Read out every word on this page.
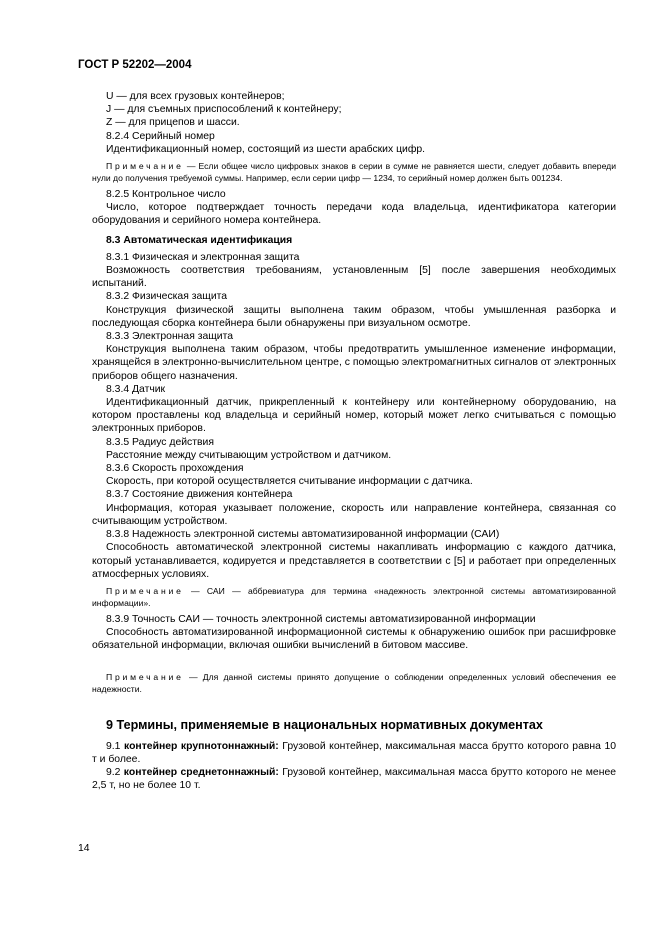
ГОСТ Р 52202—2004

U — для всех грузовых контейнеров;

J — для съемных приспособлений к контейнеру;

Z — для прицепов и шасси.

8.2.4 Серийный номер

Идентификационный номер, состоящий из шести арабских цифр.

Примечание — Если общее число цифровых знаков в серии в сумме не равняется шести, следует добавить впереди нули до получения требуемой суммы. Например, если серии цифр — 1234, то серийный номер должен быть 001234.

8.2.5 Контрольное число

Число, которое подтверждает точность передачи кода владельца, идентификатора категории оборудования и серийного номера контейнера.

8.3 Автоматическая идентификация

8.3.1 Физическая и электронная защита

Возможность соответствия требованиям, установленным [5] после завершения необходимых испытаний.

8.3.2 Физическая защита

Конструкция физической защиты выполнена таким образом, чтобы умышленная разборка и последующая сборка контейнера были обнаружены при визуальном осмотре.

8.3.3 Электронная защита

Конструкция выполнена таким образом, чтобы предотвратить умышленное изменение информации, хранящейся в электронно-вычислительном центре, с помощью электромагнитных сигналов от электронных приборов общего назначения.

8.3.4 Датчик

Идентификационный датчик, прикрепленный к контейнеру или контейнерному оборудованию, на котором проставлены код владельца и серийный номер, который может легко считываться с помощью электронных приборов.

8.3.5 Радиус действия

Расстояние между считывающим устройством и датчиком.

8.3.6 Скорость прохождения

Скорость, при которой осуществляется считывание информации с датчика.

8.3.7 Состояние движения контейнера

Информация, которая указывает положение, скорость или направление контейнера, связанная со считывающим устройством.

8.3.8 Надежность электронной системы автоматизированной информации (САИ)

Способность автоматической электронной системы накапливать информацию с каждого датчика, который устанавливается, кодируется и представляется в соответствии с [5] и работает при определенных атмосферных условиях.

Примечание — САИ — аббревиатура для термина «надежность электронной системы автоматизированной информации».

8.3.9 Точность САИ — точность электронной системы автоматизированной информации

Способность автоматизированной информационной системы к обнаружению ошибок при расшифровке обязательной информации, включая ошибки вычислений в битовом массиве.

Примечание — Для данной системы принято допущение о соблюдении определенных условий обеспечения ее надежности.

9 Термины, применяемые в национальных нормативных документах

9.1 контейнер крупнотоннажный: Грузовой контейнер, максимальная масса брутто которого равна 10 т и более.

9.2 контейнер среднетоннажный: Грузовой контейнер, максимальная масса брутто которого не менее 2,5 т, но не более 10 т.

14
